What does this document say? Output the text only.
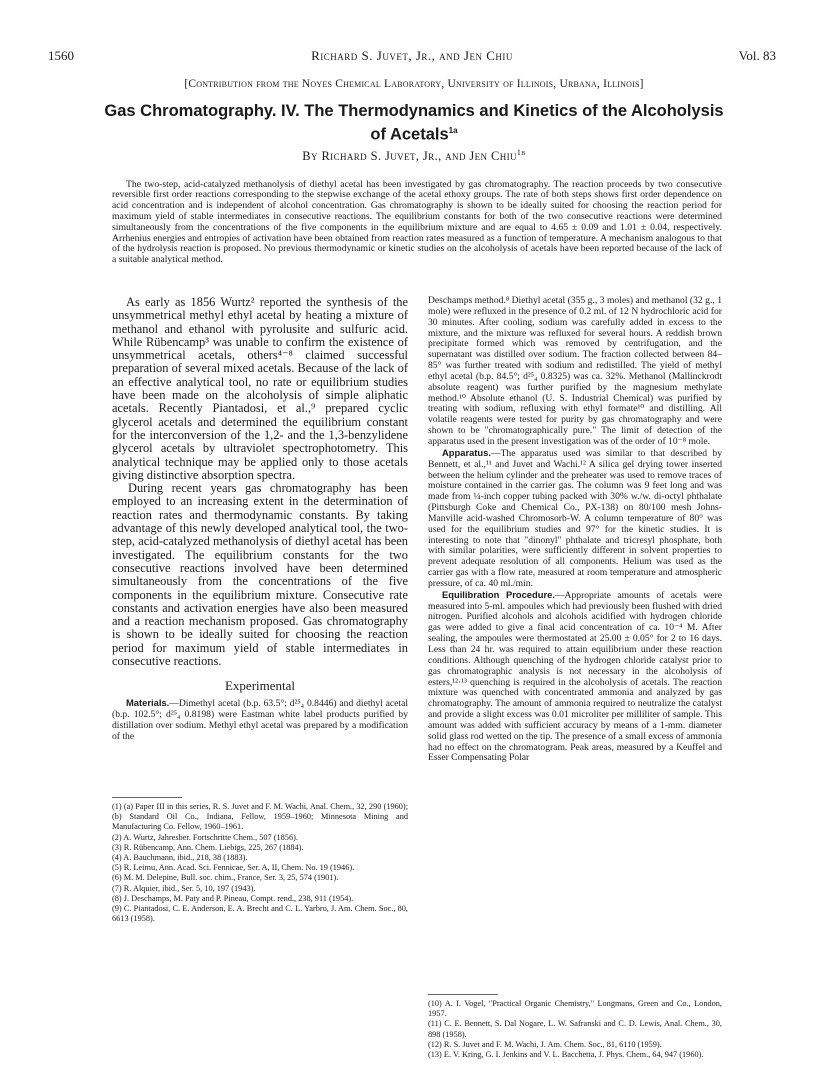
1560	Richard S. Juvet, Jr., and Jen Chiu	Vol. 83
[Contribution from the Noyes Chemical Laboratory, University of Illinois, Urbana, Illinois]
Gas Chromatography. IV. The Thermodynamics and Kinetics of the Alcoholysis of Acetals$^{1a}$
By Richard S. Juvet, Jr., and Jen Chiu$^{1b}$

The two-step, acid-catalyzed methanolysis of diethyl acetal has been investigated by gas chromatography. The reaction proceeds by two consecutive reversible first order reactions corresponding to the stepwise exchange of the acetal ethoxy groups. The rate of both steps shows first order dependence on acid concentration and is independent of alcohol concentration. Gas chromatography is shown to be ideally suited for choosing the reaction period for maximum yield of stable intermediates in consecutive reactions. The equilibrium constants for both of the two consecutive reactions were determined simultaneously from the concentrations of the five components in the equilibrium mixture and are equal to 4.65 ± 0.09 and 1.01 ± 0.04, respectively. Arrhenius energies and entropies of activation have been obtained from reaction rates measured as a function of temperature. A mechanism analogous to that of the hydrolysis reaction is proposed. No previous thermodynamic or kinetic studies on the alcoholysis of acetals have been reported because of the lack of a suitable analytical method.

As early as 1856 Wurtz² reported the synthesis of the unsymmetrical methyl ethyl acetal by heating a mixture of methanol and ethanol with pyrolusite and sulfuric acid. While Rübencamp³ was unable to confirm the existence of unsymmetrical acetals, others⁴⁻⁸ claimed successful preparation of several mixed acetals. Because of the lack of an effective analytical tool, no rate or equilibrium studies have been made on the alcoholysis of simple aliphatic acetals. Recently Piantadosi, et al.,⁹ prepared cyclic glycerol acetals and determined the equilibrium constant for the interconversion of the 1,2- and the 1,3-benzylidene glycerol acetals by ultraviolet spectrophotometry. This analytical technique may be applied only to those acetals giving distinctive absorption spectra.

During recent years gas chromatography has been employed to an increasing extent in the determination of reaction rates and thermodynamic constants. By taking advantage of this newly developed analytical tool, the two-step, acid-catalyzed methanolysis of diethyl acetal has been investigated. The equilibrium constants for the two consecutive reactions involved have been determined simultaneously from the concentrations of the five components in the equilibrium mixture. Consecutive rate constants and activation energies have also been measured and a reaction mechanism proposed. Gas chromatography is shown to be ideally suited for choosing the reaction period for maximum yield of stable intermediates in consecutive reactions.

Experimental

Materials.—Dimethyl acetal (b.p. 63.5°; d²⁵₄ 0.8446) and diethyl acetal (b.p. 102.5°; d²⁵₄ 0.8198) were Eastman white label products purified by distillation over sodium. Methyl ethyl acetal was prepared by a modification of the

(1) (a) Paper III in this series, R. S. Juvet and F. M. Wachi, Anal. Chem., 32, 290 (1960); (b) Standard Oil Co., Indiana, Fellow, 1959–1960; Minnesota Mining and Manufacturing Co. Fellow, 1960–1961.

(2) A. Wurtz, Jahresber. Fortschritte Chem., 507 (1856).

(3) R. Rübencamp, Ann. Chem. Liebigs, 225, 267 (1884).

(4) A. Bauchmann, ibid., 218, 38 (1883).

(5) R. Leimu, Ann. Acad. Sci. Fennicae, Ser. A, II, Chem. No. 19 (1946).

(6) M. M. Delepine, Bull. soc. chim., France, Ser. 3, 25, 574 (1901).

(7) R. Alquier, ibid., Ser. 5, 10, 197 (1943).

(8) J. Deschamps, M. Paty and P. Pineau, Compt. rend., 238, 911 (1954).

(9) C. Piantadosi, C. E. Anderson, E. A. Brecht and C. L. Yarbro, J. Am. Chem. Soc., 80, 6613 (1958).

Deschamps method.⁸ Diethyl acetal (355 g., 3 moles) and methanol (32 g., 1 mole) were refluxed in the presence of 0.2 ml. of 12 N hydrochloric acid for 30 minutes. After cooling, sodium was carefully added in excess to the mixture, and the mixture was refluxed for several hours. A reddish brown precipitate formed which was removed by centrifugation, and the supernatant was distilled over sodium. The fraction collected between 84–85° was further treated with sodium and redistilled. The yield of methyl ethyl acetal (b.p. 84.5°; d²⁵₄ 0.8325) was ca. 32%. Methanol (Mallinckrodt absolute reagent) was further purified by the magnesium methylate method.¹⁰ Absolute ethanol (U. S. Industrial Chemical) was purified by treating with sodium, refluxing with ethyl formate¹⁰ and distilling. All volatile reagents were tested for purity by gas chromatography and were shown to be "chromatographically pure." The limit of detection of the apparatus used in the present investigation was of the order of 10⁻⁸ mole.

Apparatus.—The apparatus used was similar to that described by Bennett, et al.,¹¹ and Juvet and Wachi.¹² A silica gel drying tower inserted between the helium cylinder and the preheater was used to remove traces of moisture contained in the carrier gas. The column was 9 feet long and was made from ¼-inch copper tubing packed with 30% w./w. di-octyl phthalate (Pittsburgh Coke and Chemical Co., PX-138) on 80/100 mesh Johns-Manville acid-washed Chromosorb-W. A column temperature of 80° was used for the equilibrium studies and 97° for the kinetic studies. It is interesting to note that "dinonyl" phthalate and tricresyl phosphate, both with similar polarities, were sufficiently different in solvent properties to prevent adequate resolution of all components. Helium was used as the carrier gas with a flow rate, measured at room temperature and atmospheric pressure, of ca. 40 ml./min.

Equilibration Procedure.—Appropriate amounts of acetals were measured into 5-ml. ampoules which had previously been flushed with dried nitrogen. Purified alcohols and alcohols acidified with hydrogen chloride gas were added to give a final acid concentration of ca. 10⁻⁴ M. After sealing, the ampoules were thermostated at 25.00 ± 0.05° for 2 to 16 days. Less than 24 hr. was required to attain equilibrium under these reaction conditions. Although quenching of the hydrogen chloride catalyst prior to gas chromatographic analysis is not necessary in the alcoholysis of esters,¹²·¹³ quenching is required in the alcoholysis of acetals. The reaction mixture was quenched with concentrated ammonia and analyzed by gas chromatography. The amount of ammonia required to neutralize the catalyst and provide a slight excess was 0.01 microliter per milliliter of sample. This amount was added with sufficient accuracy by means of a 1-mm. diameter solid glass rod wetted on the tip. The presence of a small excess of ammonia had no effect on the chromatogram. Peak areas, measured by a Keuffel and Esser Compensating Polar

(10) A. I. Vogel, "Practical Organic Chemistry," Longmans, Green and Co., London, 1957.

(11) C. E. Bennett, S. Dal Nogare, L. W. Safranski and C. D. Lewis, Anal. Chem., 30, 898 (1958).

(12) R. S. Juvet and F. M. Wachi, J. Am. Chem. Soc., 81, 6110 (1959).

(13) E. V. Kring, G. I. Jenkins and V. L. Bacchetta, J. Phys. Chem., 64, 947 (1960).
